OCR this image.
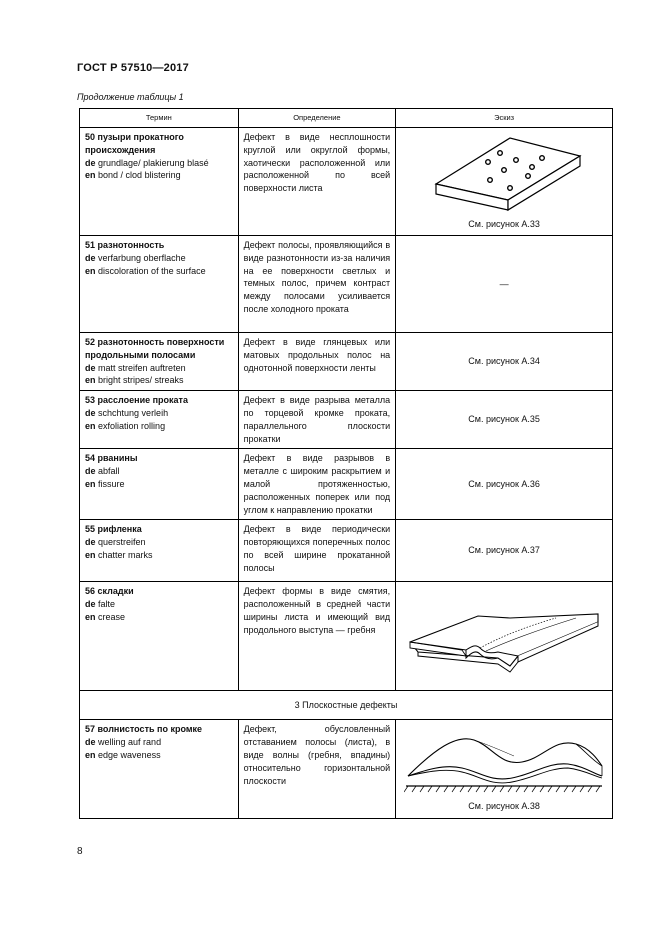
ГОСТ Р 57510—2017
Продолжение таблицы 1
Термин	Определение	Эскиз
50 пузыри прокатного происхождения
de grundlage/ plakierung blasé
en bond / clod blistering	Дефект в виде несплошности круглой или округлой формы, хаотически расположенной или расположенной по всей поверхности листа	См. рисунок А.33

51 разнотонность
de verfarbung oberflache
en discoloration of the surface	Дефект полосы, проявляющийся в виде разнотонности из-за наличия на ее поверхности светлых и темных полос, причем контраст между полосами усиливается после холодного проката	—
52 разнотонность поверхности продольными полосами
de matt streifen auftreten
en bright stripes/ streaks	Дефект в виде глянцевых или матовых продольных полос на однотонной поверхности ленты	См. рисунок А.34
53 расслоение проката
de schchtung verleih
en exfoliation rolling	Дефект в виде разрыва металла по торцевой кромке проката, параллельного плоскости прокатки	См. рисунок А.35
54 рванины
de abfall
en fissure	Дефект в виде разрывов в металле с широким раскрытием и малой протяженностью, расположенных поперек или под углом к направлению прокатки	См. рисунок А.36
55 рифленка
de querstreifen
en chatter marks	Дефект в виде периодически повторяющихся поперечных полос по всей ширине прокатанной полосы	См. рисунок А.37
56 складки
de falte
en crease	Дефект формы в виде смятия, расположенный в средней части ширины листа и имеющий вид продольного выступа — гребня	

3 Плоскостные дефекты		
57 волнистость по кромке
de welling auf rand
en edge waveness	Дефект, обусловленный отставанием полосы (листа), в виде волны (гребня, впадины) относительно горизонтальной плоскости	См. рисунок А.38
8
